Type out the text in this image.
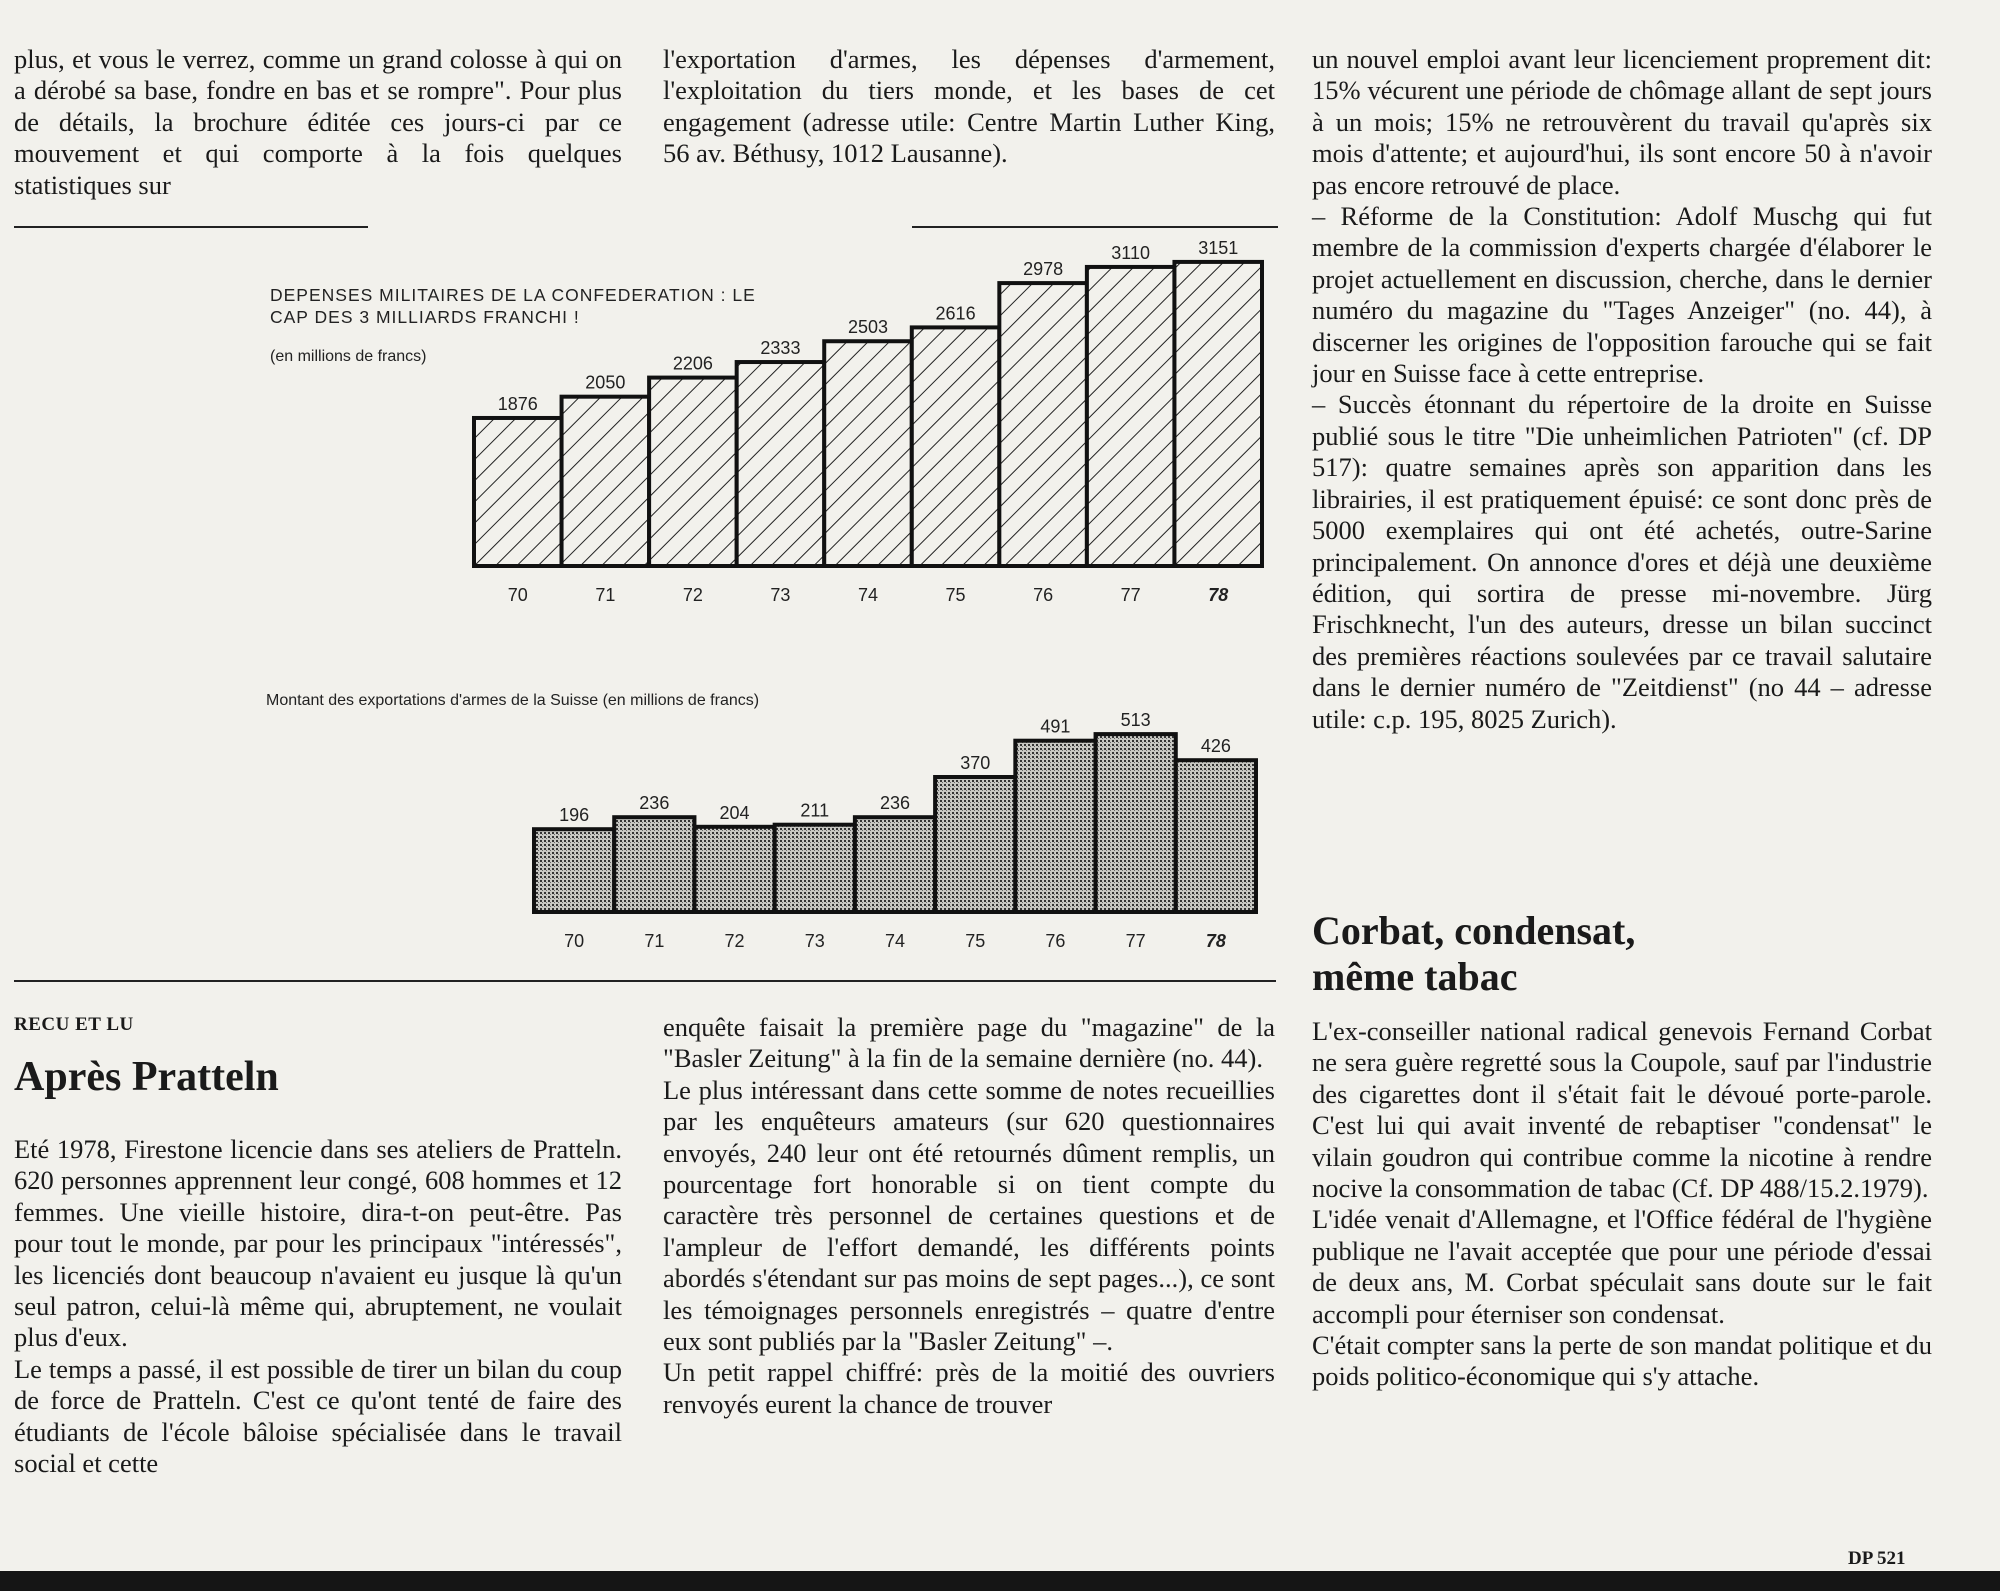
plus, et vous le verrez, comme un grand colosse à qui on a dérobé sa base, fondre en bas et se rompre". Pour plus de détails, la brochure éditée ces jours-ci par ce mouvement et qui comporte à la fois quelques statistiques sur

l'exportation d'armes, les dépenses d'armement, l'exploitation du tiers monde, et les bases de cet engagement (adresse utile: Centre Martin Luther King, 56 av. Béthusy, 1012 Lausanne).

un nouvel emploi avant leur licenciement proprement dit: 15% vécurent une période de chômage allant de sept jours à un mois; 15% ne retrouvèrent du travail qu'après six mois d'attente; et aujourd'hui, ils sont encore 50 à n'avoir pas encore retrouvé de place.

– Réforme de la Constitution: Adolf Muschg qui fut membre de la commission d'experts chargée d'élaborer le projet actuellement en discussion, cherche, dans le dernier numéro du magazine du "Tages Anzeiger" (no. 44), à discerner les origines de l'opposition farouche qui se fait jour en Suisse face à cette entreprise.

– Succès étonnant du répertoire de la droite en Suisse publié sous le titre "Die unheimlichen Patrioten" (cf. DP 517): quatre semaines après son apparition dans les librairies, il est pratiquement épuisé: ce sont donc près de 5000 exemplaires qui ont été achetés, outre-Sarine principalement. On annonce d'ores et déjà une deuxième édition, qui sortira de presse mi-novembre. Jürg Frischknecht, l'un des auteurs, dresse un bilan succinct des premières réactions soulevées par ce travail salutaire dans le dernier numéro de "Zeitdienst" (no 44 – adresse utile: c.p. 195, 8025 Zurich).

Corbat, condensat,
même tabac

L'ex-conseiller national radical genevois Fernand Corbat ne sera guère regretté sous la Coupole, sauf par l'industrie des cigarettes dont il s'était fait le dévoué porte-parole. C'est lui qui avait inventé de rebaptiser "condensat" le vilain goudron qui contribue comme la nicotine à rendre nocive la consommation de tabac (Cf. DP 488/15.2.1979).

L'idée venait d'Allemagne, et l'Office fédéral de l'hygiène publique ne l'avait acceptée que pour une période d'essai de deux ans, M. Corbat spéculait sans doute sur le fait accompli pour éterniser son condensat.

C'était compter sans la perte de son mandat politique et du poids politico-économique qui s'y attache.

DEPENSES MILITAIRES DE LA CONFEDERATION : LE
CAP DES 3 MILLIARDS FRANCHI !
(en millions de francs)
Montant des exportations d'armes de la Suisse (en millions de francs)
1876
70
2050
71
2206
72
2333
73
2503
74
2616
75
2978
76
3110
77
3151
78
196
70
236
71
204
72
211
73
236
74
370
75
491
76
513
77
426
78
RECU ET LU
Après Pratteln

Eté 1978, Firestone licencie dans ses ateliers de Pratteln. 620 personnes apprennent leur congé, 608 hommes et 12 femmes. Une vieille histoire, dira-t-on peut-être. Pas pour tout le monde, par pour les principaux "intéressés", les licenciés dont beaucoup n'avaient eu jusque là qu'un seul patron, celui-là même qui, abruptement, ne voulait plus d'eux.

Le temps a passé, il est possible de tirer un bilan du coup de force de Pratteln. C'est ce qu'ont tenté de faire des étudiants de l'école bâloise spécialisée dans le travail social et cette

enquête faisait la première page du "magazine" de la "Basler Zeitung" à la fin de la semaine dernière (no. 44).

Le plus intéressant dans cette somme de notes recueillies par les enquêteurs amateurs (sur 620 questionnaires envoyés, 240 leur ont été retournés dûment remplis, un pourcentage fort honorable si on tient compte du caractère très personnel de certaines questions et de l'ampleur de l'effort demandé, les différents points abordés s'étendant sur pas moins de sept pages...), ce sont les témoignages personnels enregistrés – quatre d'entre eux sont publiés par la "Basler Zeitung" –.

Un petit rappel chiffré: près de la moitié des ouvriers renvoyés eurent la chance de trouver

DP 521
